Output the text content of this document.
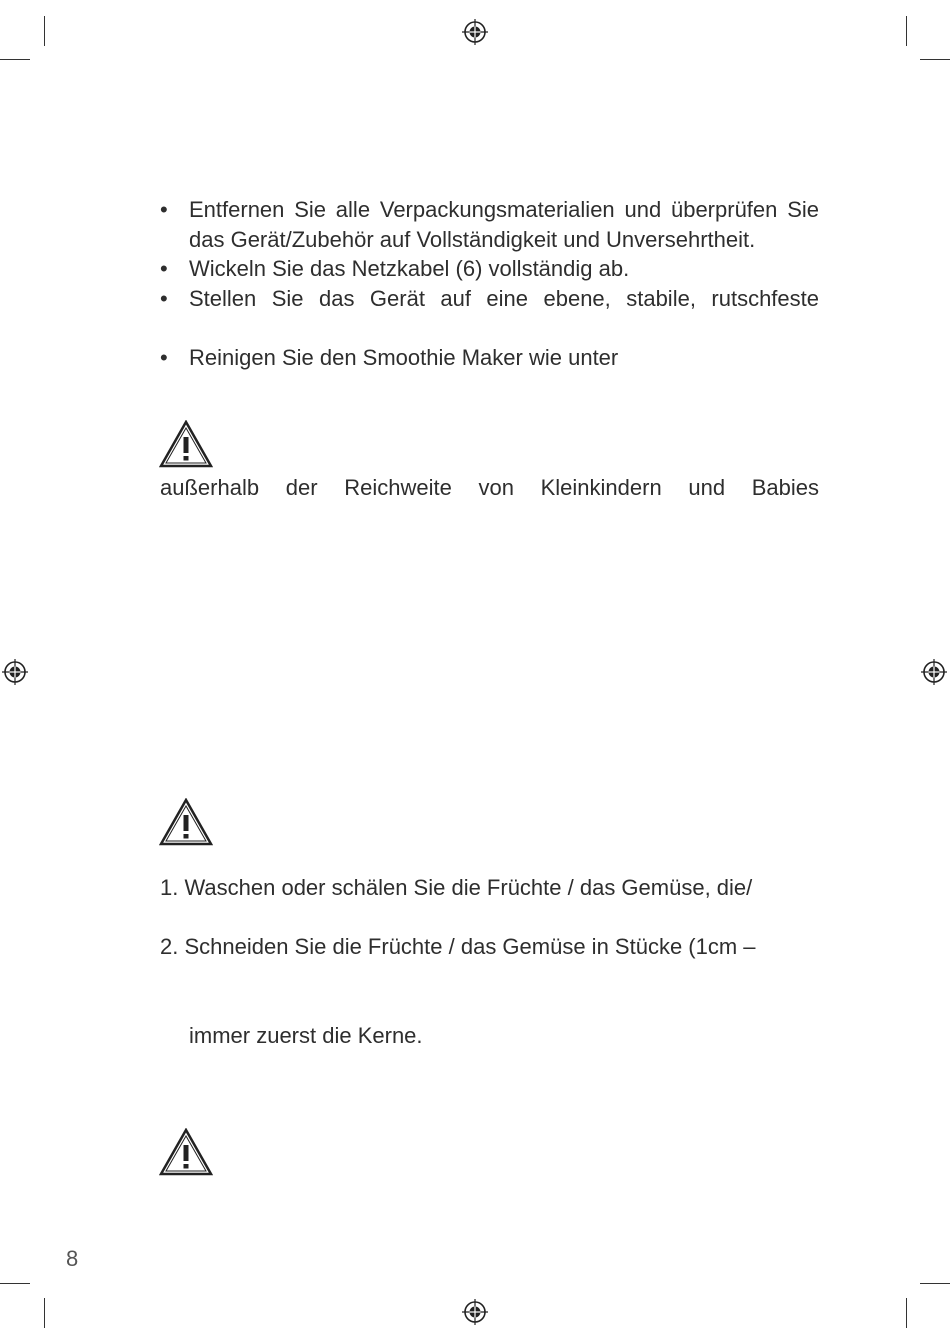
• Entfernen Sie alle Verpackungsmaterialien und überprüfen Sie
das Gerät/Zubehör auf Vollständigkeit und Unversehrtheit.
• Wickeln Sie das Netzkabel (6) vollständig ab.
• Stellen Sie das Gerät auf eine ebene, stabile, rutschfeste
• Reinigen Sie den Smoothie Maker wie unter
außerhalb der Reichweite von Kleinkindern und Babies
1. Waschen oder schälen Sie die Früchte / das Gemüse, die/
2. Schneiden Sie die Früchte / das Gemüse in Stücke (1cm –
immer zuerst die Kerne.
8
